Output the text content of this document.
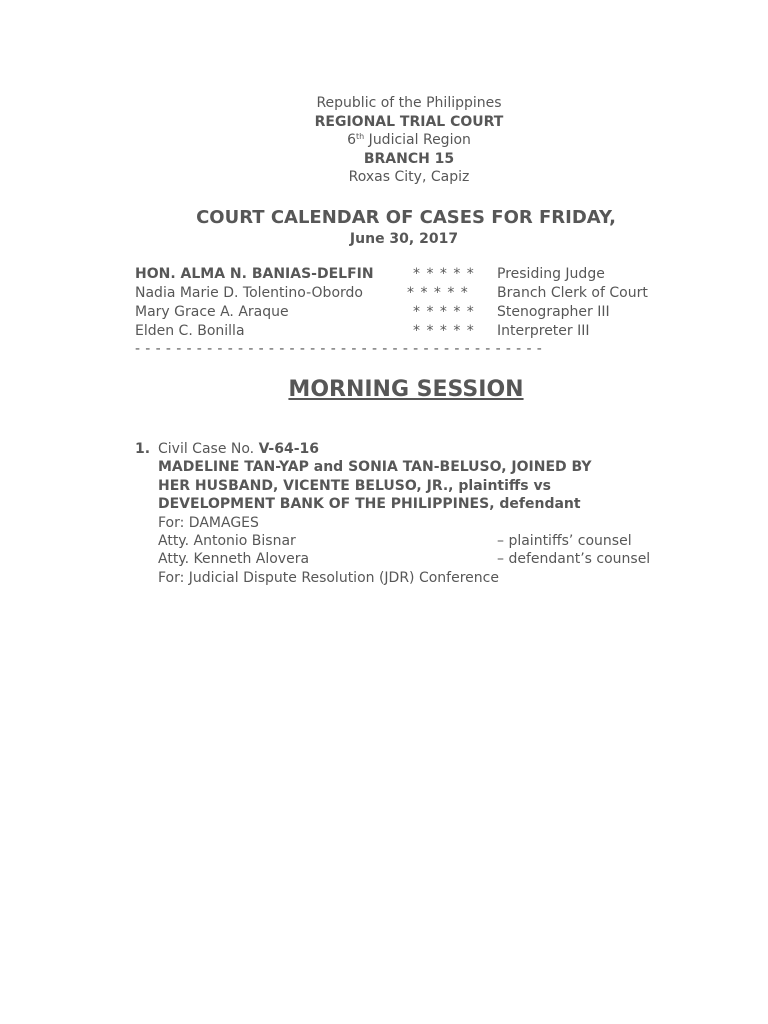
Republic of the Philippines
REGIONAL TRIAL COURT
6th Judicial Region
BRANCH 15
Roxas City, Capiz
COURT CALENDAR OF CASES FOR FRIDAY,
June 30, 2017
HON. ALMA N. BANIAS-DELFIN	* * * * * Presiding Judge
Nadia Marie D. Tolentino-Obordo	* * * * * Branch Clerk of Court
Mary Grace A. Araque	* * * * * Stenographer III
Elden C. Bonilla	* * * * * Interpreter III
- - - - - - - - - - - - - - - - - - - - - - - - - - - - - - - - - - - - - - - -
MORNING SESSION
1. Civil Case No. V-64-16
MADELINE TAN-YAP and SONIA TAN-BELUSO, JOINED BY
HER HUSBAND, VICENTE BELUSO, JR., plaintiffs vs
DEVELOPMENT BANK OF THE PHILIPPINES, defendant
For: DAMAGES
Atty. Antonio Bisnar	– plaintiffs’ counsel
Atty. Kenneth Alovera	– defendant’s counsel
For: Judicial Dispute Resolution (JDR) Conference
